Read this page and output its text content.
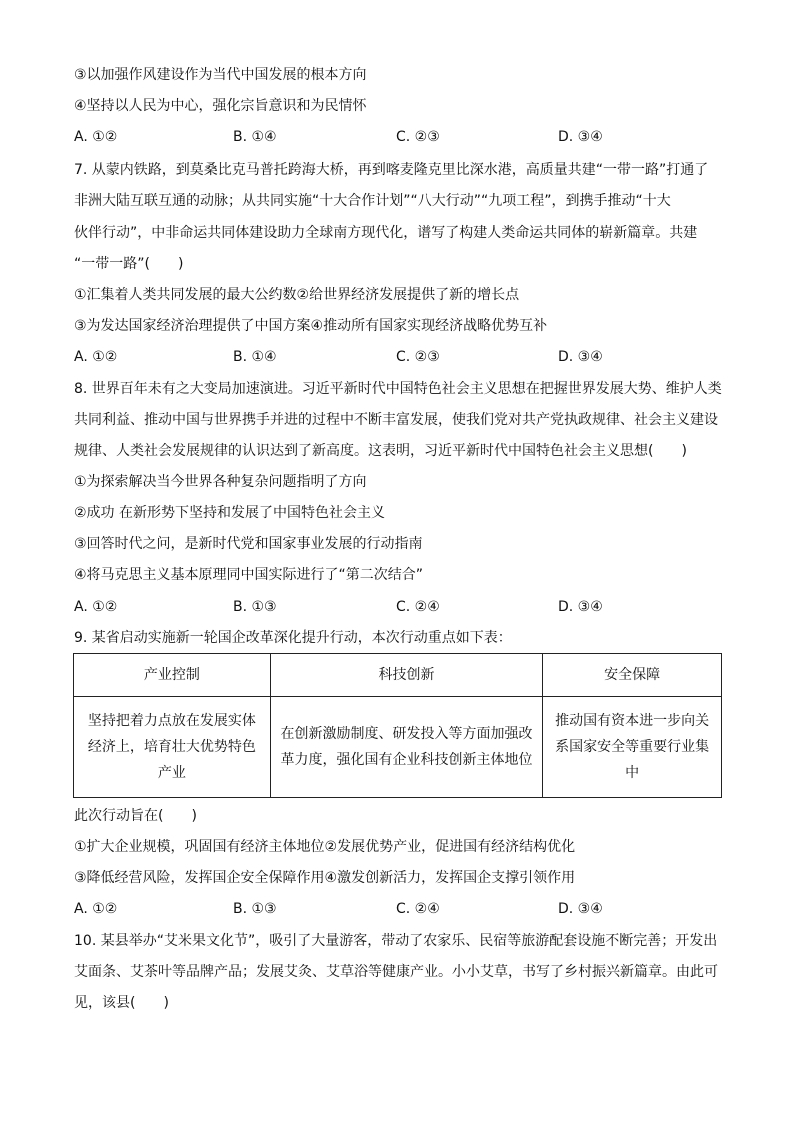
③以加强作风建设作为当代中国发展的根本方向
④坚持以人民为中心，强化宗旨意识和为民情怀
A. ①②	B. ①④	C. ②③	D. ③④
7. 从蒙内铁路，到莫桑比克马普托跨海大桥，再到喀麦隆克里比深水港，高质量共建“一带一路”打通了
非洲大陆互联互通的动脉；从共同实施“十大合作计划”“八大行动”“九项工程”，到携手推动“十大
伙伴行动”，中非命运共同体建设助力全球南方现代化，谱写了构建人类命运共同体的崭新篇章。共建
“一带一路”(　　)
①汇集着人类共同发展的最大公约数②给世界经济发展提供了新的增长点
③为发达国家经济治理提供了中国方案④推动所有国家实现经济战略优势互补
A. ①②	B. ①④	C. ②③	D. ③④
8. 世界百年未有之大变局加速演进。习近平新时代中国特色社会主义思想在把握世界发展大势、维护人类
共同利益、推动中国与世界携手并进的过程中不断丰富发展，使我们党对共产党执政规律、社会主义建设
规律、人类社会发展规律的认识达到了新高度。这表明，习近平新时代中国特色社会主义思想(　　)
①为探索解决当今世界各种复杂问题指明了方向
②成功 在新形势下坚持和发展了中国特色社会主义
③回答时代之问，是新时代党和国家事业发展的行动指南
④将马克思主义基本原理同中国实际进行了“第二次结合”
A. ①②	B. ①③	C. ②④	D. ③④
9. 某省启动实施新一轮国企改革深化提升行动，本次行动重点如下表：
产业控制	科技创新	安全保障
坚持把着力点放在发展实体经济上，培育壮大优势特色产业	在创新激励制度、研发投入等方面加强改革力度，强化国有企业科技创新主体地位	推动国有资本进一步向关系国家安全等重要行业集中
此次行动旨在(　　)
①扩大企业规模，巩固国有经济主体地位②发展优势产业，促进国有经济结构优化
③降低经营风险，发挥国企安全保障作用④激发创新活力，发挥国企支撑引领作用
A. ①②	B. ①③	C. ②④	D. ③④
10. 某县举办“艾米果文化节”，吸引了大量游客，带动了农家乐、民宿等旅游配套设施不断完善；开发出
艾面条、艾茶叶等品牌产品；发展艾灸、艾草浴等健康产业。小小艾草，书写了乡村振兴新篇章。由此可
见，该县(　　)
